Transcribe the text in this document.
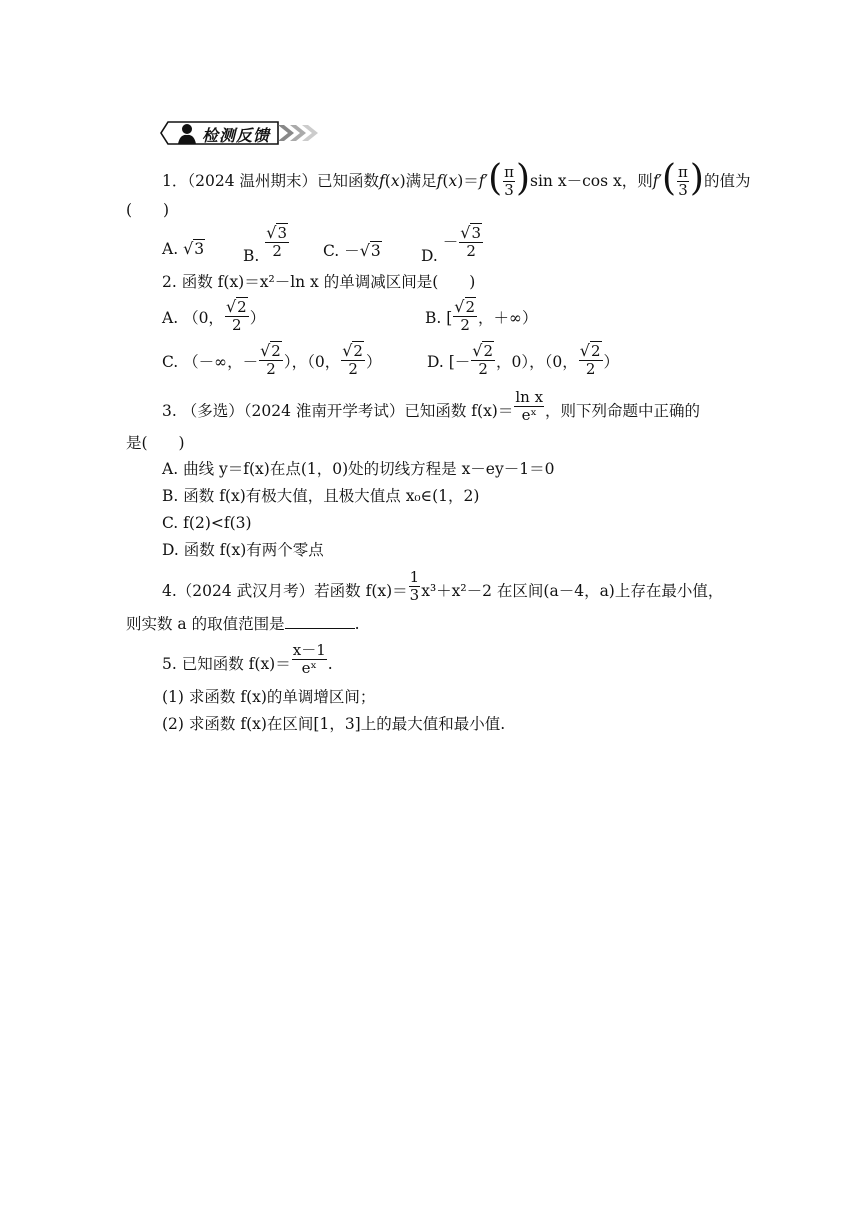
检测反馈
1．（2024 温州期末）已知函数f(x)满足$f(x)=f'( \frac{\pi}{3} )\sin$ x－cos x，则$f'( \frac{\pi}{3}$ )的值为
(　　)
A. √3	B. $\frac{√3}{2} C$. －√3	D. － $\frac{√3}{2}$
2. 函数 f(x)＝x²－ln x 的单调减区间是(　　)
A. （0， $\frac{√2}{2}$ ）	B. [ $\frac{√2}{2}$ ，＋∞）
C. （－∞，－ $\frac{√2}{2}$ ），（0， $\frac{√2}{2}$ ）	D. [－ $\frac{√2}{2}$ ，0），（0， $\frac{√2}{2}$ ）
3. （多选）（2024 淮南开学考试）已知函数 $f(x)= \frac{\text{ln x}}{\text{eˣ}}$ ，则下列命题中正确的
是(　　)
A. 曲线 y＝f(x)在点(1，0)处的切线方程是 x－ey－1＝0
B. 函数 f(x)有极大值，且极大值点 x₀∈(1，2)
C. f(2)<f(3)
D. 函数 f(x)有两个零点
4.（2024 武汉月考）若函数 $f(x)= \frac{1}{3} x^3+x^2-2$ 在区间(a－4，a)上存在最小值，
则实数 a 的取值范围是	.
5. 已知函数 $f(x)= \frac{x-1}{\text{eˣ}}$ .
(1) 求函数 f(x)的单调增区间；
(2) 求函数 f(x)在区间[1，3]上的最大值和最小值.
